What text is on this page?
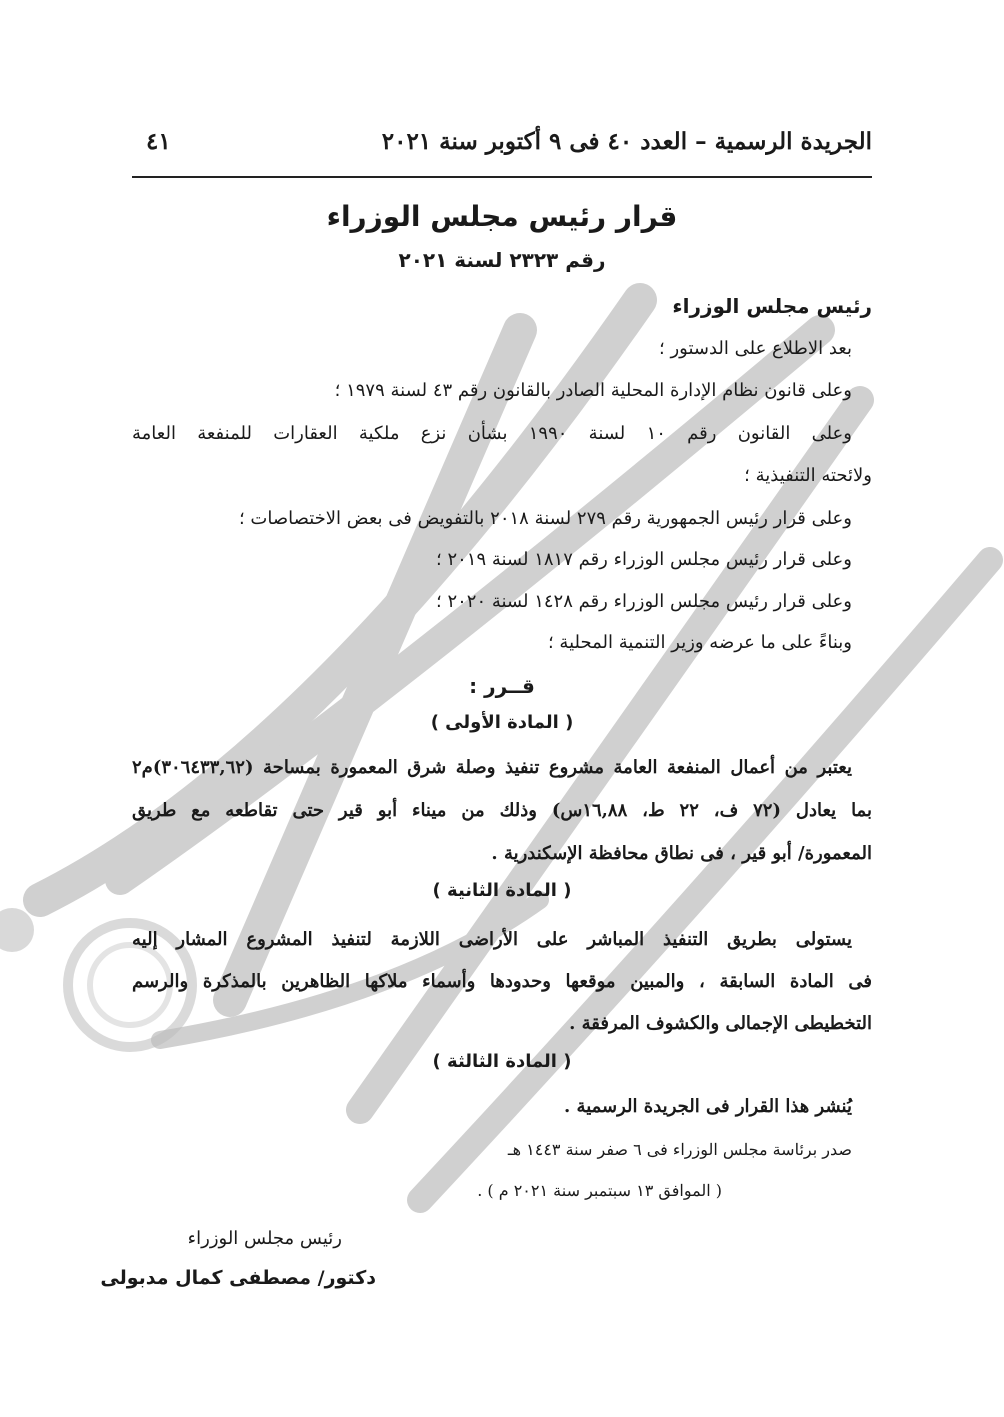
الجريدة الرسمية – العدد ٤٠ فى ٩ أكتوبر سنة ٢٠٢١
٤١
قرار رئيس مجلس الوزراء
رقم ٢٣٢٣ لسنة ٢٠٢١
رئيس مجلس الوزراء
بعد الاطلاع على الدستور ؛
وعلى قانون نظام الإدارة المحلية الصادر بالقانون رقم ٤٣ لسنة ١٩٧٩ ؛
وعلى القانون رقم ١٠ لسنة ١٩٩٠ بشأن نزع ملكية العقارات للمنفعة العامة
ولائحته التنفيذية ؛
وعلى قرار رئيس الجمهورية رقم ٢٧٩ لسنة ٢٠١٨ بالتفويض فى بعض الاختصاصات ؛
وعلى قرار رئيس مجلس الوزراء رقم ١٨١٧ لسنة ٢٠١٩ ؛
وعلى قرار رئيس مجلس الوزراء رقم ١٤٢٨ لسنة ٢٠٢٠ ؛
وبناءً على ما عرضه وزير التنمية المحلية ؛
قــرر :
( المادة الأولى )
يعتبر من أعمال المنفعة العامة مشروع تنفيذ وصلة شرق المعمورة بمساحة (٣٠٦٤٣٣,٦٢)م٢
بما يعادل (٧٢ ف، ٢٢ ط، ١٦,٨٨س) وذلك من ميناء أبو قير حتى تقاطعه مع طريق
المعمورة/ أبو قير ، فى نطاق محافظة الإسكندرية .
( المادة الثانية )
يستولى بطريق التنفيذ المباشر على الأراضى اللازمة لتنفيذ المشروع المشار إليه
فى المادة السابقة ، والمبين موقعها وحدودها وأسماء ملاكها الظاهرين بالمذكرة والرسم
التخطيطى الإجمالى والكشوف المرفقة .
( المادة الثالثة )
يُنشر هذا القرار فى الجريدة الرسمية .
صدر برئاسة مجلس الوزراء فى ٦ صفر سنة ١٤٤٣ هـ
( الموافق ١٣ سبتمبر سنة ٢٠٢١ م ) .
رئيس مجلس الوزراء
دكتور/ مصطفى كمال مدبولى
